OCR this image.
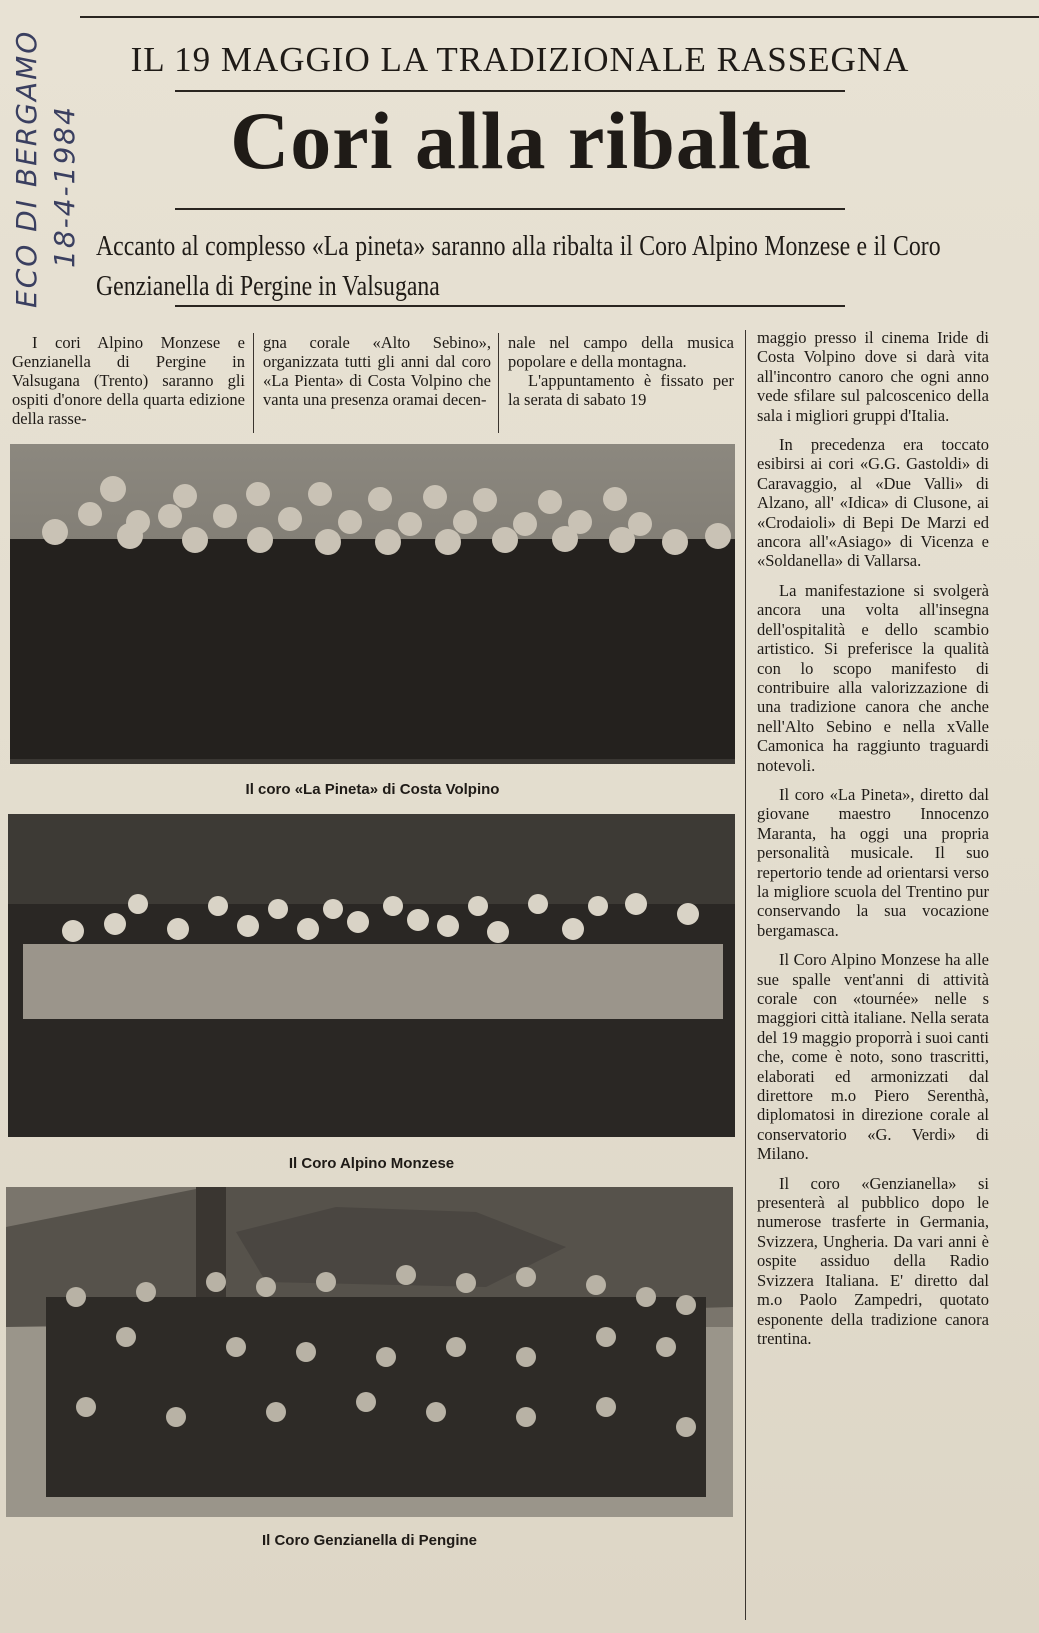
ECO DI BERGAMO 18-4-1984
IL 19 MAGGIO LA TRADIZIONALE RASSEGNA
Cori alla ribalta
Accanto al complesso «La pineta» saranno alla ribalta il Coro Alpino Monzese e il Coro Genzianella di Pergine in Valsugana

I cori Alpino Monzese e Genzianella di Pergine in Valsugana (Trento) saranno gli ospiti d'onore della quarta edizione della rasse-

gna corale «Alto Sebino», organizzata tutti gli anni dal coro «La Pienta» di Costa Volpino che vanta una presenza oramai decen-

nale nel campo della musica popolare e della montagna.

L'appuntamento è fissato per la serata di sabato 19

Il coro «La Pineta» di Costa Volpino
Il Coro Alpino Monzese
Il Coro Genzianella di Pengine

maggio presso il cinema Iride di Costa Volpino dove si darà vita all'incontro canoro che ogni anno vede sfilare sul palcoscenico della sala i migliori gruppi d'Italia.

In precedenza era toccato esibirsi ai cori «G.G. Gastoldi» di Caravaggio, al «Due Valli» di Alzano, all' «Idica» di Clusone, ai «Crodaioli» di Bepi De Marzi ed ancora all'«Asiago» di Vicenza e «Soldanella» di Vallarsa.

La manifestazione si svolgerà ancora una volta all'insegna dell'ospitalità e dello scambio artistico. Si preferisce la qualità con lo scopo manifesto di contribuire alla valorizzazione di una tradizione canora che anche nell'Alto Sebino e nella xValle Camonica ha raggiunto traguardi notevoli.

Il coro «La Pineta», diretto dal giovane maestro Innocenzo Maranta, ha oggi una propria personalità musicale. Il suo repertorio tende ad orientarsi verso la migliore scuola del Trentino pur conservando la sua vocazione bergamasca.

Il Coro Alpino Monzese ha alle sue spalle vent'anni di attività corale con «tournée» nelle s maggiori città italiane. Nella serata del 19 maggio proporrà i suoi canti che, come è noto, sono trascritti, elaborati ed armonizzati dal direttore m.o Piero Serenthà, diplomatosi in direzione corale al conservatorio «G. Verdi» di Milano.

Il coro «Genzianella» si presenterà al pubblico dopo le numerose trasferte in Germania, Svizzera, Ungheria. Da vari anni è ospite assiduo della Radio Svizzera Italiana. E' diretto dal m.o Paolo Zampedri, quotato esponente della tradizione canora trentina.
